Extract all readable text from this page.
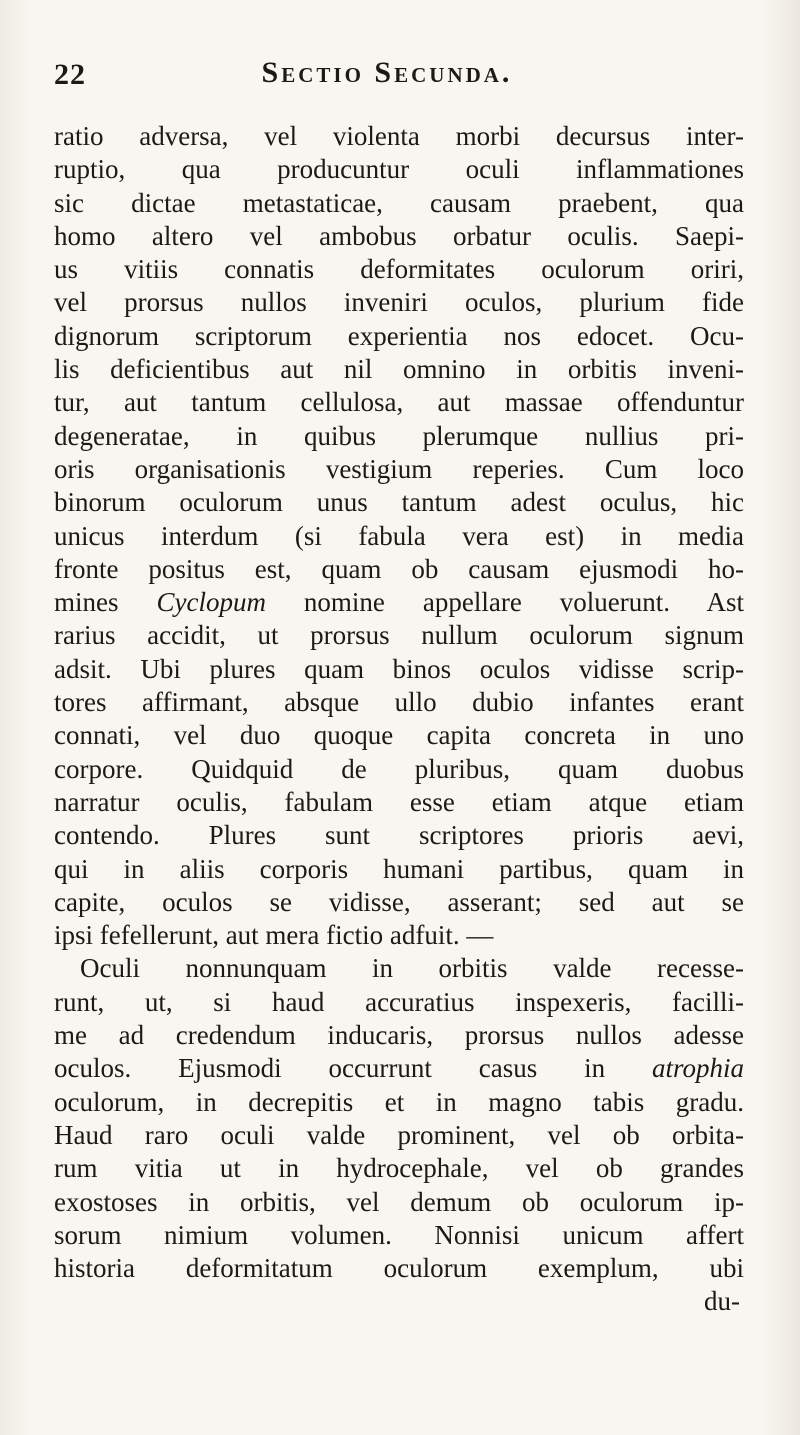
22	Sectio Secunda.
ratio adversa, vel violenta morbi decursus inter-
ruptio, qua producuntur oculi inflammationes
sic dictae metastaticae, causam praebent, qua
homo altero vel ambobus orbatur oculis. Saepi-
us vitiis connatis deformitates oculorum oriri,
vel prorsus nullos inveniri oculos, plurium fide
dignorum scriptorum experientia nos edocet. Ocu-
lis deficientibus aut nil omnino in orbitis inveni-
tur, aut tantum cellulosa, aut massae offenduntur
degeneratae, in quibus plerumque nullius pri-
oris organisationis vestigium reperies. Cum loco
binorum oculorum unus tantum adest oculus, hic
unicus interdum (si fabula vera est) in media
fronte positus est, quam ob causam ejusmodi ho-
mines Cyclopum nomine appellare voluerunt. Ast
rarius accidit, ut prorsus nullum oculorum signum
adsit. Ubi plures quam binos oculos vidisse scrip-
tores affirmant, absque ullo dubio infantes erant
connati, vel duo quoque capita concreta in uno
corpore. Quidquid de pluribus, quam duobus
narratur oculis, fabulam esse etiam atque etiam
contendo. Plures sunt scriptores prioris aevi,
qui in aliis corporis humani partibus, quam in
capite, oculos se vidisse, asserant; sed aut se
ipsi fefellerunt, aut mera fictio adfuit. —
Oculi nonnunquam in orbitis valde recesse-
runt, ut, si haud accuratius inspexeris, facilli-
me ad credendum inducaris, prorsus nullos adesse
oculos. Ejusmodi occurrunt casus in atrophia
oculorum, in decrepitis et in magno tabis gradu.
Haud raro oculi valde prominent, vel ob orbita-
rum vitia ut in hydrocephale, vel ob grandes
exostoses in orbitis, vel demum ob oculorum ip-
sorum nimium volumen. Nonnisi unicum affert
historia deformitatum oculorum exemplum, ubi
du-
